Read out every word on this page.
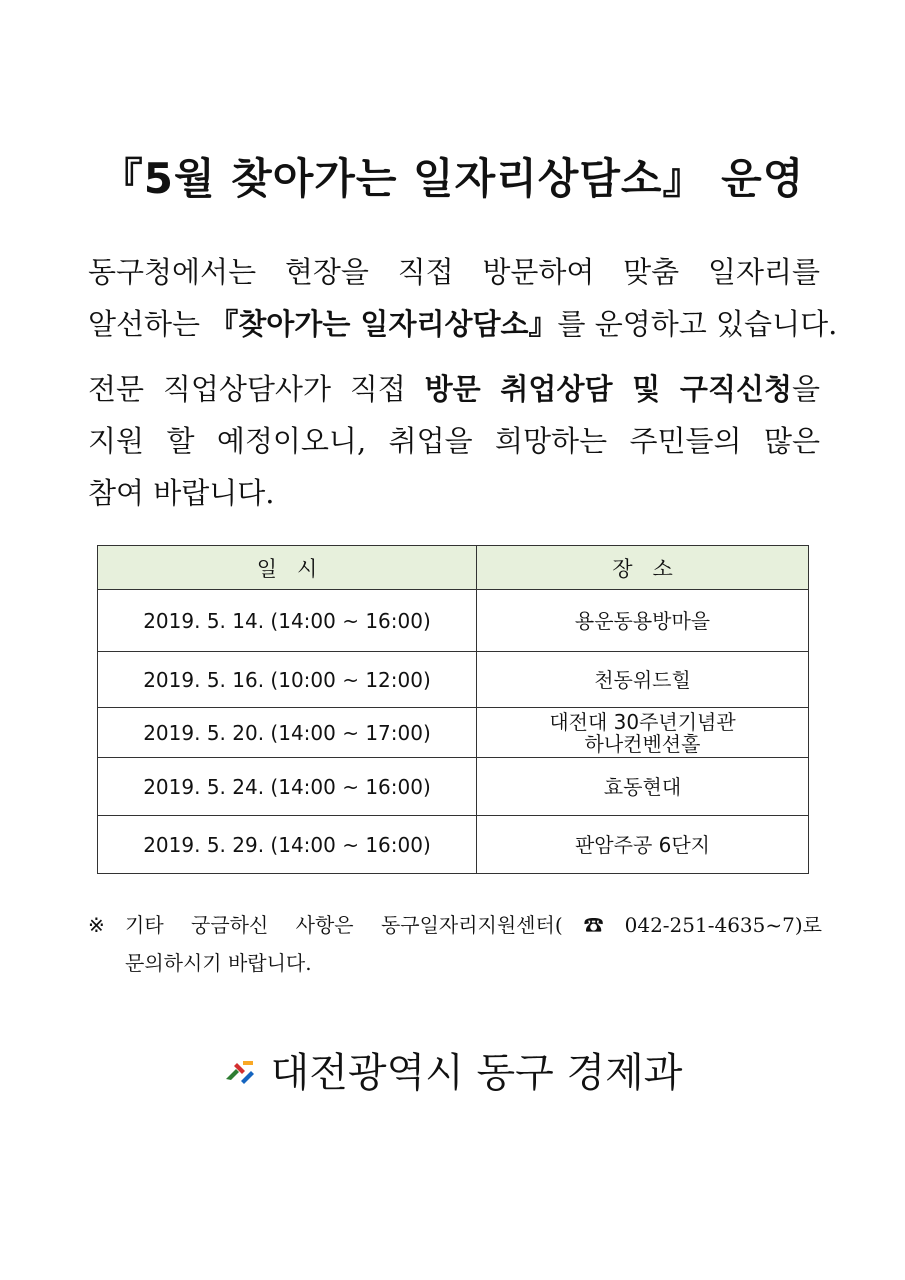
『5월 찾아가는 일자리상담소』 운영
동구청에서는 현장을 직접 방문하여 맞춤 일자리를
알선하는 『찾아가는 일자리상담소』를 운영하고 있습니다.
전문 직업상담사가 직접 방문 취업상담 및 구직신청을
지원 할 예정이오니, 취업을 희망하는 주민들의 많은
참여 바랍니다.
일   시	장   소
2019. 5. 14. (14:00 ~ 16:00)	용운동용방마을
2019. 5. 16. (10:00 ~ 12:00)	천동위드힐
2019. 5. 20. (14:00 ~ 17:00)	대전대 30주년기념관
하나컨벤션홀

2019. 5. 24. (14:00 ~ 16:00)	효동현대
2019. 5. 29. (14:00 ~ 16:00)	판암주공 6단지
※ 기타 궁금하신 사항은 동구일자리지원센터(☎042-251-4635~7)로
문의하시기 바랍니다.
대전광역시 동구 경제과
